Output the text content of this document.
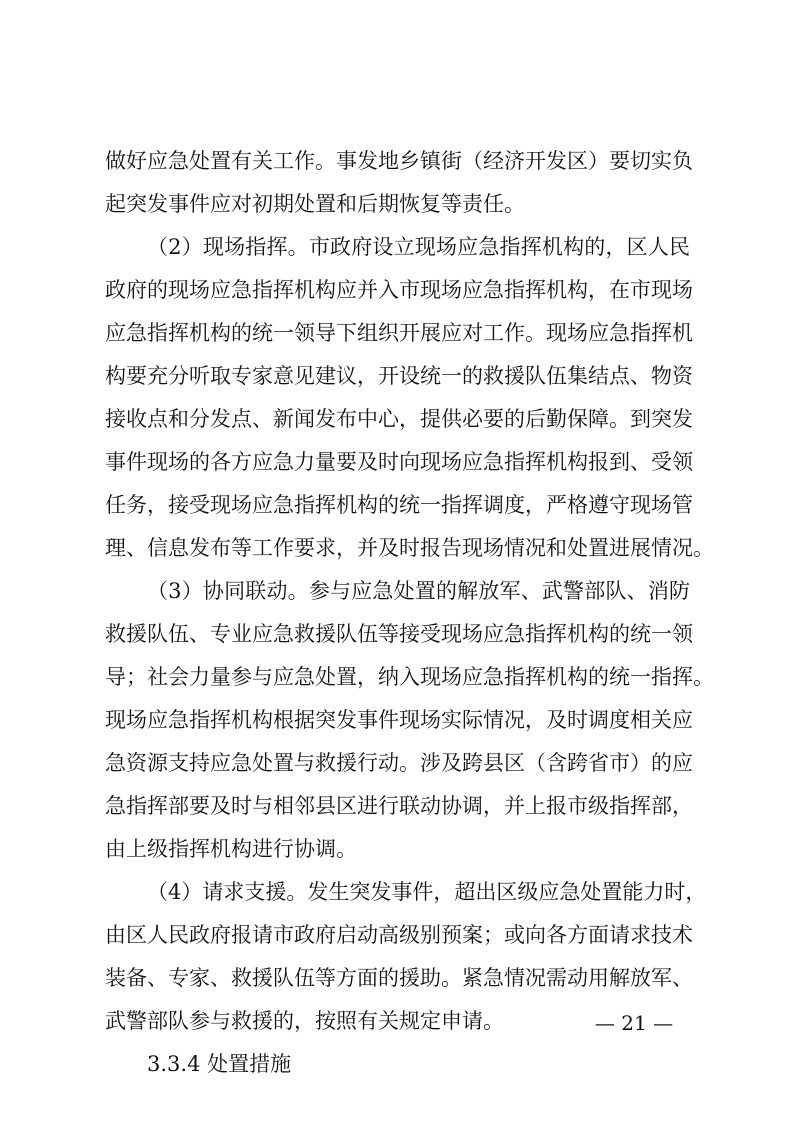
做好应急处置有关工作。事发地乡镇街（经济开发区）要切实负
起突发事件应对初期处置和后期恢复等责任。
（2）现场指挥。市政府设立现场应急指挥机构的，区人民
政府的现场应急指挥机构应并入市现场应急指挥机构，在市现场
应急指挥机构的统一领导下组织开展应对工作。现场应急指挥机
构要充分听取专家意见建议，开设统一的救援队伍集结点、物资
接收点和分发点、新闻发布中心，提供必要的后勤保障。到突发
事件现场的各方应急力量要及时向现场应急指挥机构报到、受领
任务，接受现场应急指挥机构的统一指挥调度，严格遵守现场管
理、信息发布等工作要求，并及时报告现场情况和处置进展情况。
（3）协同联动。参与应急处置的解放军、武警部队、消防
救援队伍、专业应急救援队伍等接受现场应急指挥机构的统一领
导；社会力量参与应急处置，纳入现场应急指挥机构的统一指挥。
现场应急指挥机构根据突发事件现场实际情况，及时调度相关应
急资源支持应急处置与救援行动。涉及跨县区（含跨省市）的应
急指挥部要及时与相邻县区进行联动协调，并上报市级指挥部，
由上级指挥机构进行协调。
（4）请求支援。发生突发事件，超出区级应急处置能力时，
由区人民政府报请市政府启动高级别预案；或向各方面请求技术
装备、专家、救援队伍等方面的援助。紧急情况需动用解放军、
武警部队参与救援的，按照有关规定申请。
3.3.4 处置措施
— 21 —
